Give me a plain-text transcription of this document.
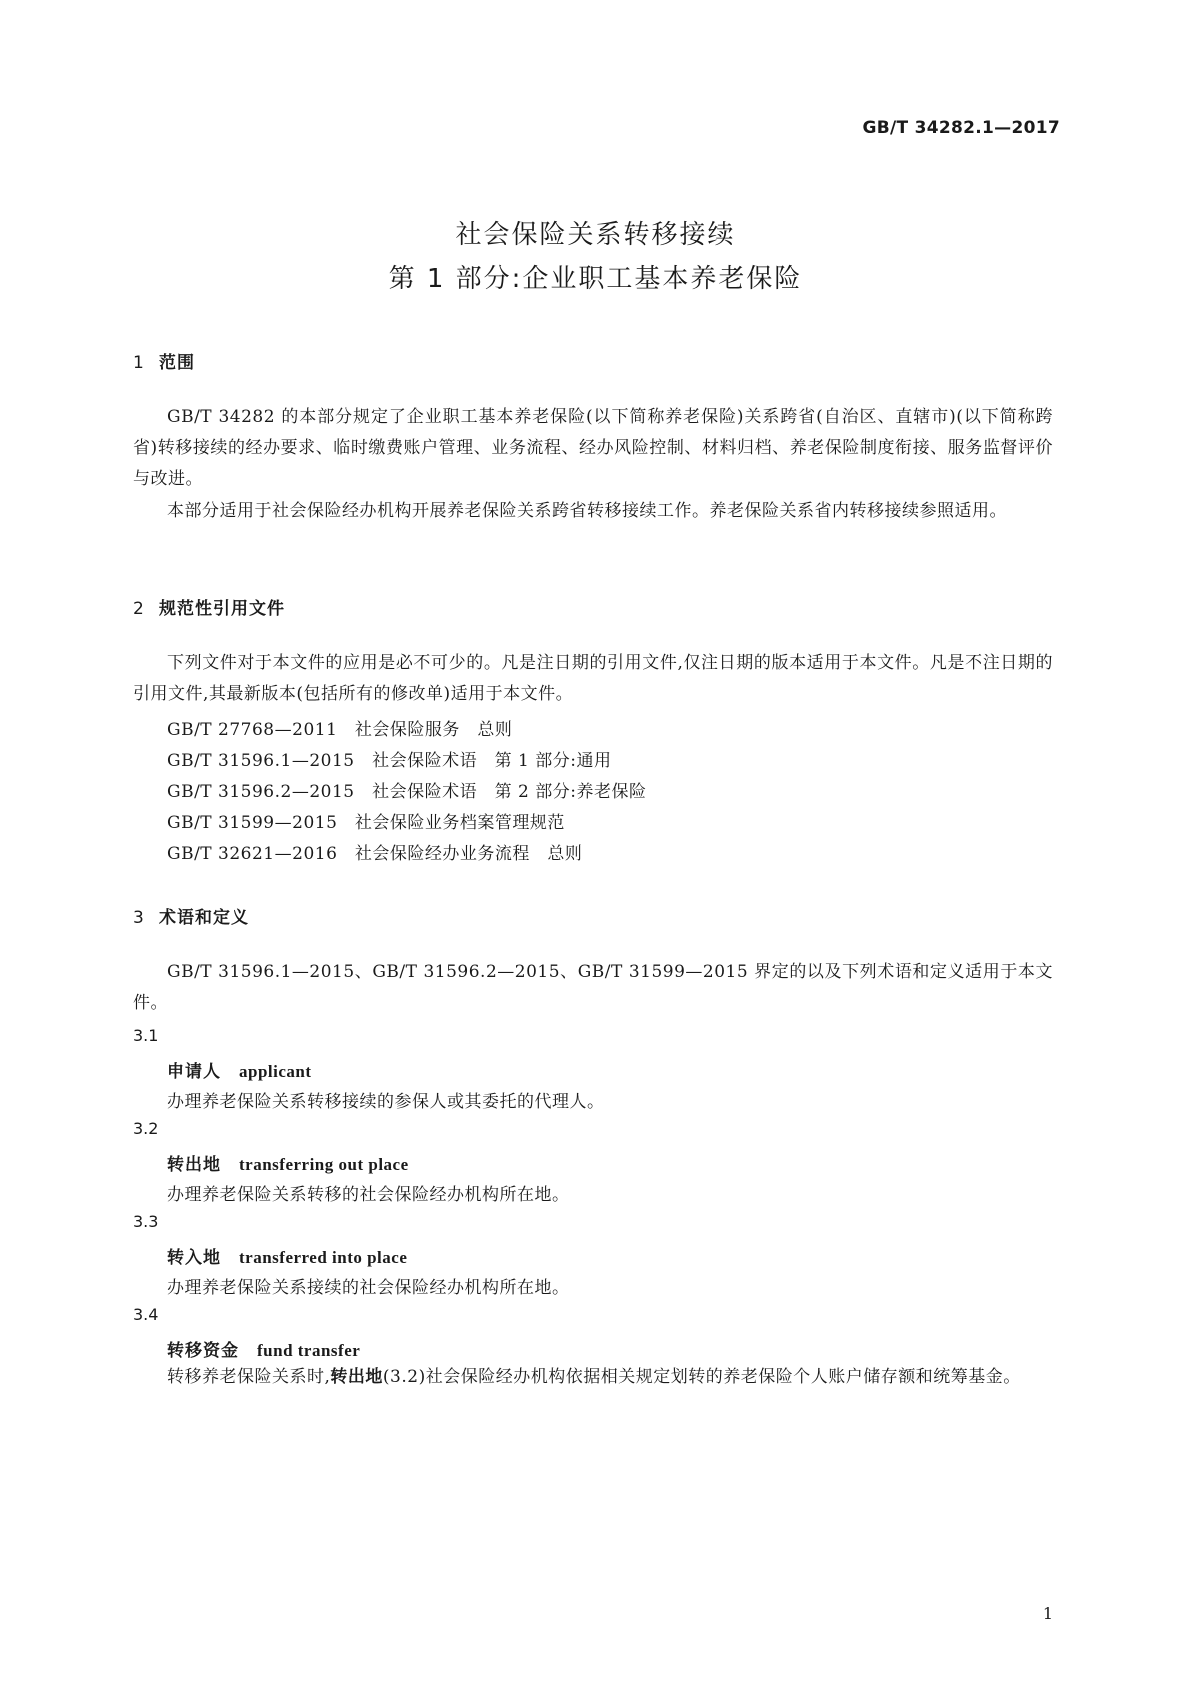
GB/T 34282.1—2017
社会保险关系转移接续
第 1 部分:企业职工基本养老保险
1 范围
GB/T 34282 的本部分规定了企业职工基本养老保险(以下简称养老保险)关系跨省(自治区、直辖市)(以下简称跨省)转移接续的经办要求、临时缴费账户管理、业务流程、经办风险控制、材料归档、养老保险制度衔接、服务监督评价与改进。
本部分适用于社会保险经办机构开展养老保险关系跨省转移接续工作。养老保险关系省内转移接续参照适用。
2 规范性引用文件
下列文件对于本文件的应用是必不可少的。凡是注日期的引用文件,仅注日期的版本适用于本文件。凡是不注日期的引用文件,其最新版本(包括所有的修改单)适用于本文件。
GB/T 27768—2011　社会保险服务　总则
GB/T 31596.1—2015　社会保险术语　第 1 部分:通用
GB/T 31596.2—2015　社会保险术语　第 2 部分:养老保险
GB/T 31599—2015　社会保险业务档案管理规范
GB/T 32621—2016　社会保险经办业务流程　总则
3 术语和定义
GB/T 31596.1—2015、GB/T 31596.2—2015、GB/T 31599—2015 界定的以及下列术语和定义适用于本文件。
3.1
申请人 applicant
办理养老保险关系转移接续的参保人或其委托的代理人。
3.2
转出地 transferring out place
办理养老保险关系转移的社会保险经办机构所在地。
3.3
转入地 transferred into place
办理养老保险关系接续的社会保险经办机构所在地。
3.4
转移资金 fund transfer
转移养老保险关系时,转出地(3.2)社会保险经办机构依据相关规定划转的养老保险个人账户储存额和统筹基金。
1
